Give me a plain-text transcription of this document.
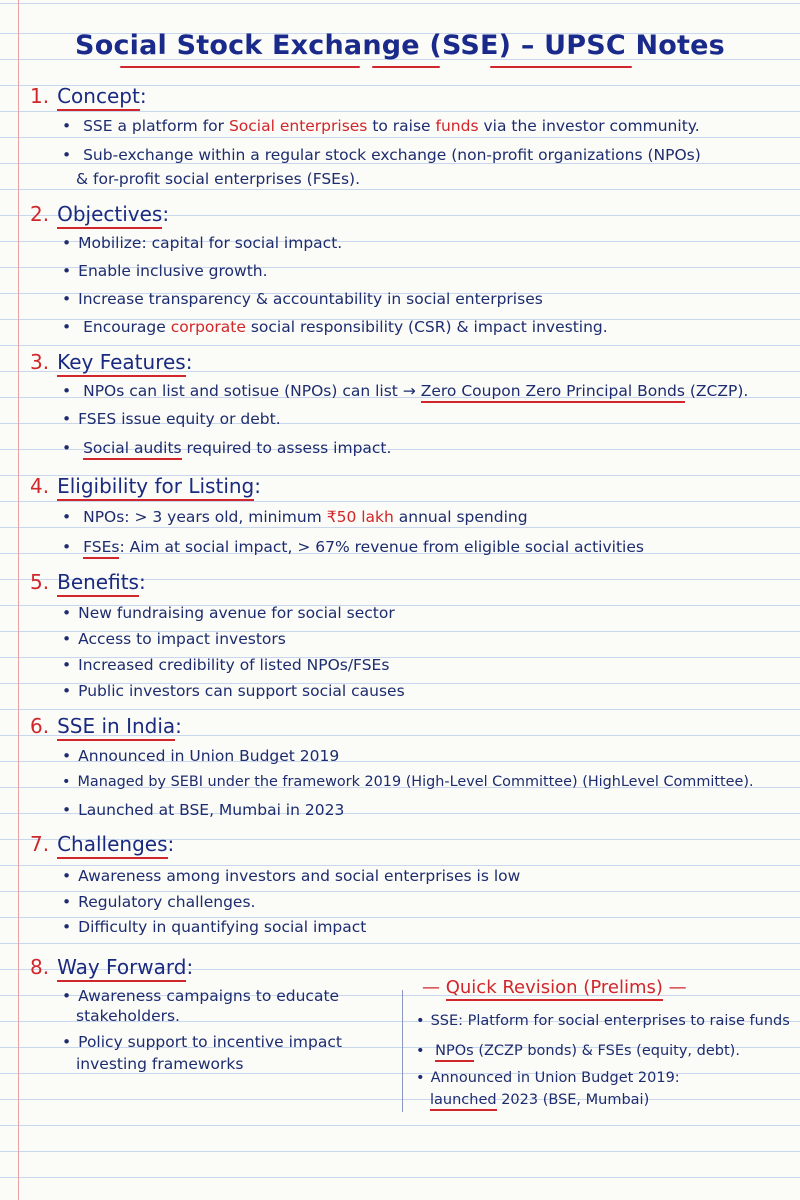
Social Stock Exchange (SSE) – UPSC Notes
1. Concept:
• SSE a platform for Social enterprises to raise funds via the investor community.
• Sub-exchange within a regular stock exchange (non-profit organizations (NPOs)
& for-profit social enterprises (FSEs).
2. Objectives:
• Mobilize: capital for social impact.
• Enable inclusive growth.
• Increase transparency & accountability in social enterprises
• Encourage corporate social responsibility (CSR) & impact investing.
3. Key Features:
• NPOs can list and sotisue (NPOs) can list → Zero Coupon Zero Principal Bonds (ZCZP).
• FSES issue equity or debt.
• Social audits required to assess impact.
4. Eligibility for Listing:
• NPOs: > 3 years old, minimum ₹50 lakh annual spending
• FSEs: Aim at social impact, > 67% revenue from eligible social activities
5. Benefits:
• New fundraising avenue for social sector
• Access to impact investors
• Increased credibility of listed NPOs/FSEs
• Public investors can support social causes
6. SSE in India:
• Announced in Union Budget 2019
• Managed by SEBI under the framework 2019 (High-Level Committee) (HighLevel Committee).
• Launched at BSE, Mumbai in 2023
7. Challenges:
• Awareness among investors and social enterprises is low
• Regulatory challenges.
• Difficulty in quantifying social impact
8. Way Forward:
• Awareness campaigns to educate
stakeholders.
• Policy support to incentive impact
investing frameworks
— Quick Revision (Prelims) —
• SSE: Platform for social enterprises to raise funds
• NPOs (ZCZP bonds) & FSEs (equity, debt).
• Announced in Union Budget 2019:
launched 2023 (BSE, Mumbai)
